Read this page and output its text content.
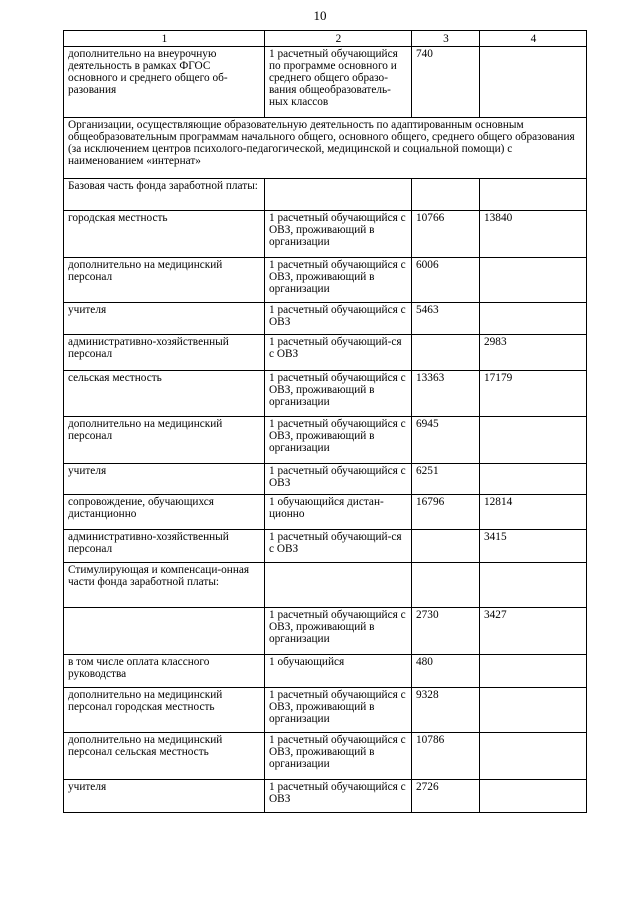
10
1	2	3	4
дополнительно на внеурочную деятельность в рамках ФГОС основного и среднего общего об-разования	1 расчетный обучающийся по программе основного и среднего общего образо-вания общеобразователь-ных классов	740	
Организации, осуществляющие образовательную деятельность по адаптированным основным общеобразовательным программам начального общего, основного общего, среднего общего образования (за исключением центров психолого-педагогической, медицинской и социальной помощи) с наименованием «интернат»			
Базовая часть фонда заработной платы:			
городская местность	1 расчетный обучающийся с ОВЗ, проживающий в организации	10766	13840
дополнительно на медицинский персонал	1 расчетный обучающийся с ОВЗ, проживающий в организации	6006	
учителя	1 расчетный обучающийся с ОВЗ	5463	
административно-хозяйственный персонал	1 расчетный обучающий-ся с ОВЗ		2983
сельская местность	1 расчетный обучающийся с ОВЗ, проживающий в организации	13363	17179
дополнительно на медицинский персонал	1 расчетный обучающийся с ОВЗ, проживающий в организации	6945	
учителя	1 расчетный обучающийся с ОВЗ	6251	
сопровождение, обучающихся дистанционно	1 обучающийся дистан-ционно	16796	12814
административно-хозяйственный персонал	1 расчетный обучающий-ся с ОВЗ		3415
Стимулирующая и компенсаци-онная части фонда заработной платы:			
	1 расчетный обучающийся с ОВЗ, проживающий в организации	2730	3427
в том числе оплата классного руководства	1 обучающийся	480	
дополнительно на медицинский персонал городская местность	1 расчетный обучающийся с ОВЗ, проживающий в организации	9328	
дополнительно на медицинский персонал сельская местность	1 расчетный обучающийся с ОВЗ, проживающий в организации	10786	
учителя	1 расчетный обучающийся с ОВЗ	2726	
